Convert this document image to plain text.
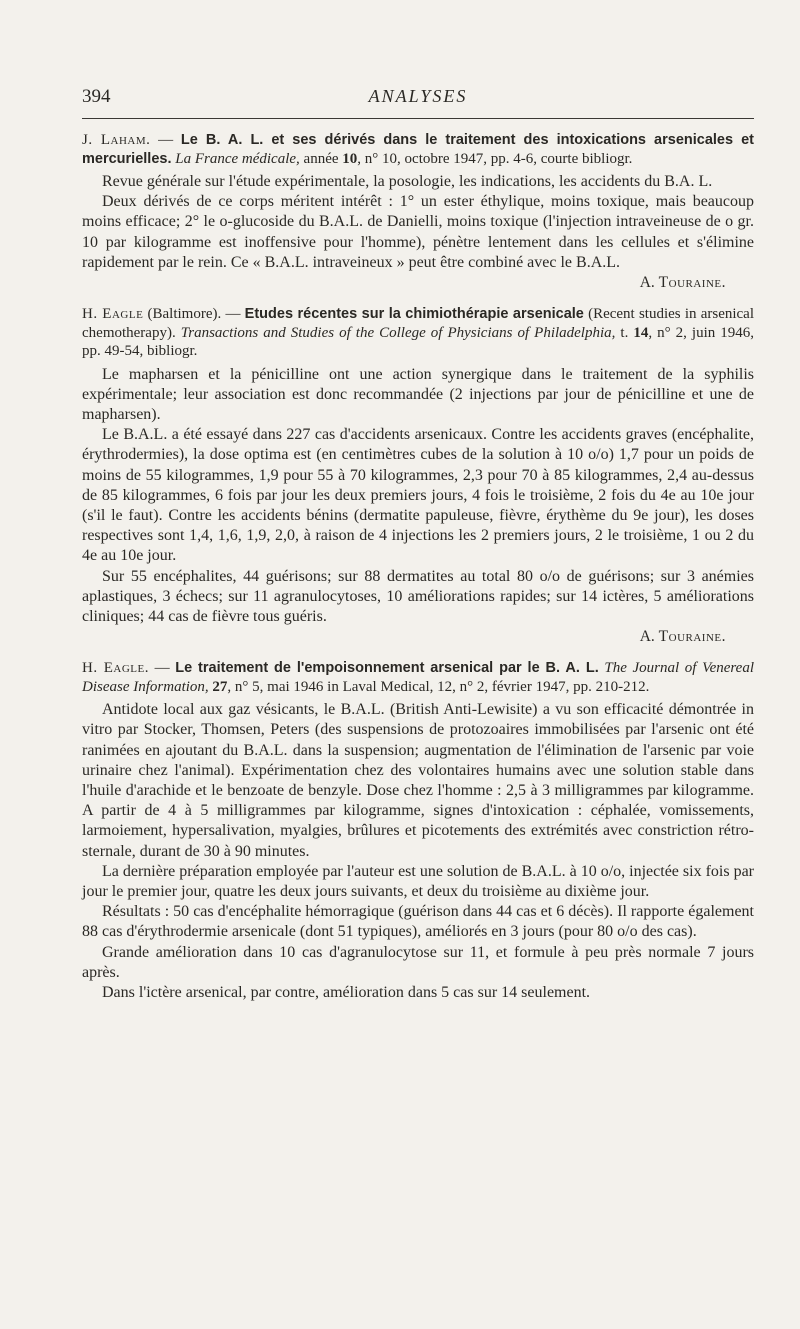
394	ANALYSES

J. Laham. — Le B. A. L. et ses dérivés dans le traitement des intoxications arsenicales et mercurielles. La France médicale, année 10, n° 10, octobre 1947, pp. 4-6, courte bibliogr.

Revue générale sur l'étude expérimentale, la posologie, les indications, les accidents du B.A. L.

Deux dérivés de ce corps méritent intérêt : 1° un ester éthylique, moins toxique, mais beaucoup moins efficace; 2° le o-glucoside du B.A.L. de Danielli, moins toxique (l'injection intraveineuse de o gr. 10 par kilogramme est inoffensive pour l'homme), pénètre lentement dans les cellules et s'élimine rapidement par le rein. Ce « B.A.L. intraveineux » peut être combiné avec le B.A.L.

A. Touraine.

H. Eagle (Baltimore). — Etudes récentes sur la chimiothérapie arsenicale (Recent studies in arsenical chemotherapy). Transactions and Studies of the College of Physicians of Philadelphia, t. 14, n° 2, juin 1946, pp. 49-54, bibliogr.

Le mapharsen et la pénicilline ont une action synergique dans le traitement de la syphilis expérimentale; leur association est donc recommandée (2 injections par jour de pénicilline et une de mapharsen).

Le B.A.L. a été essayé dans 227 cas d'accidents arsenicaux. Contre les accidents graves (encéphalite, érythrodermies), la dose optima est (en centimètres cubes de la solution à 10 o/o) 1,7 pour un poids de moins de 55 kilogrammes, 1,9 pour 55 à 70 kilogrammes, 2,3 pour 70 à 85 kilogrammes, 2,4 au-dessus de 85 kilogrammes, 6 fois par jour les deux premiers jours, 4 fois le troisième, 2 fois du 4e au 10e jour (s'il le faut). Contre les accidents bénins (dermatite papuleuse, fièvre, érythème du 9e jour), les doses respectives sont 1,4, 1,6, 1,9, 2,0, à raison de 4 injections les 2 premiers jours, 2 le troisième, 1 ou 2 du 4e au 10e jour.

Sur 55 encéphalites, 44 guérisons; sur 88 dermatites au total 80 o/o de guérisons; sur 3 anémies aplastiques, 3 échecs; sur 11 agranulocytoses, 10 améliorations rapides; sur 14 ictères, 5 améliorations cliniques; 44 cas de fièvre tous guéris.

A. Touraine.

H. Eagle. — Le traitement de l'empoisonnement arsenical par le B. A. L. The Journal of Venereal Disease Information, 27, n° 5, mai 1946 in Laval Medical, 12, n° 2, février 1947, pp. 210-212.

Antidote local aux gaz vésicants, le B.A.L. (British Anti-Lewisite) a vu son efficacité démontrée in vitro par Stocker, Thomsen, Peters (des suspensions de protozoaires immobilisées par l'arsenic ont été ranimées en ajoutant du B.A.L. dans la suspension; augmentation de l'élimination de l'arsenic par voie urinaire chez l'animal). Expérimentation chez des volontaires humains avec une solution stable dans l'huile d'arachide et le benzoate de benzyle. Dose chez l'homme : 2,5 à 3 milligrammes par kilogramme. A partir de 4 à 5 milligrammes par kilogramme, signes d'intoxication : céphalée, vomissements, larmoiement, hypersalivation, myalgies, brûlures et picotements des extrémités avec constriction rétro-sternale, durant de 30 à 90 minutes.

La dernière préparation employée par l'auteur est une solution de B.A.L. à 10 o/o, injectée six fois par jour le premier jour, quatre les deux jours suivants, et deux du troisième au dixième jour.

Résultats : 50 cas d'encéphalite hémorragique (guérison dans 44 cas et 6 décès). Il rapporte également 88 cas d'érythrodermie arsenicale (dont 51 typiques), améliorés en 3 jours (pour 80 o/o des cas).

Grande amélioration dans 10 cas d'agranulocytose sur 11, et formule à peu près normale 7 jours après.

Dans l'ictère arsenical, par contre, amélioration dans 5 cas sur 14 seulement.
